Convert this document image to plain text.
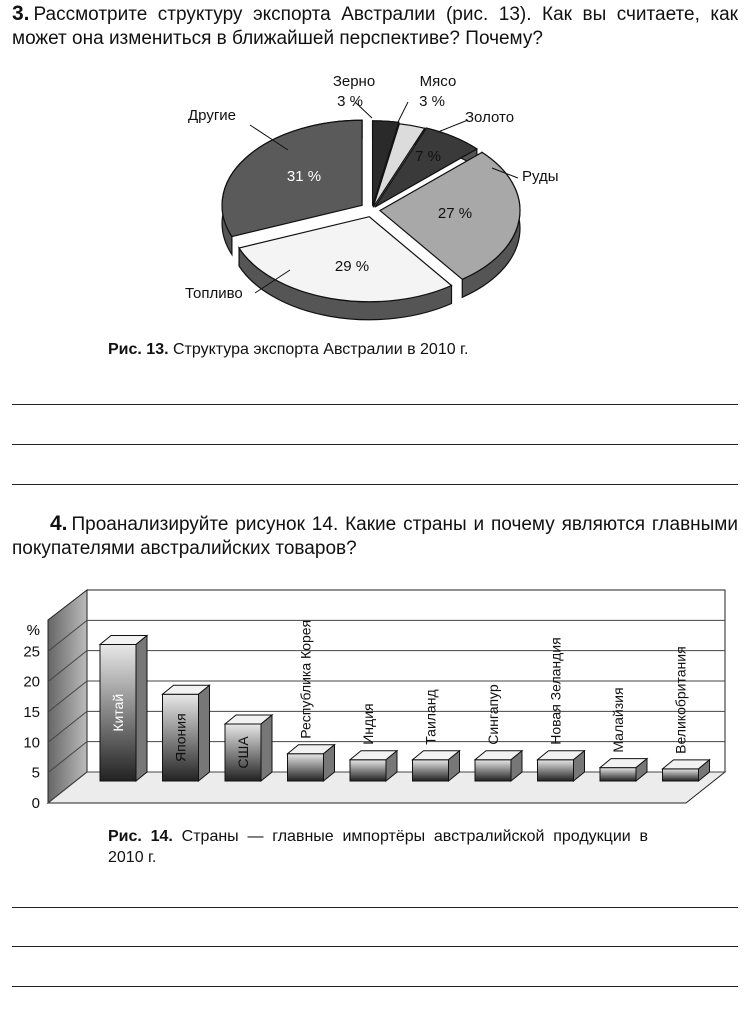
3. Рассмотрите структуру экспорта Австралии (рис. 13). Как вы считаете, как может она измениться в ближайшей перспективе? Почему?
Зерно
3 %
Мясо
3 %
Золото
7 %
Руды
27 %
Топливо
29 %
Другие
31 %
Рис. 13. Структура экспорта Австралии в 2010 г.
4. Проанализируйте рисунок 14. Какие страны и почему являются главными покупателями австралийских товаров?
0
5
10
15
20
25
%
Китай
Япония	США
Республика Корея	Индия	Таиланд	Сингапур	Новая Зеландия	Малайзия	Великобритания
Рис. 14. Страны — главные импортёры австралийской продукции в 2010 г.
